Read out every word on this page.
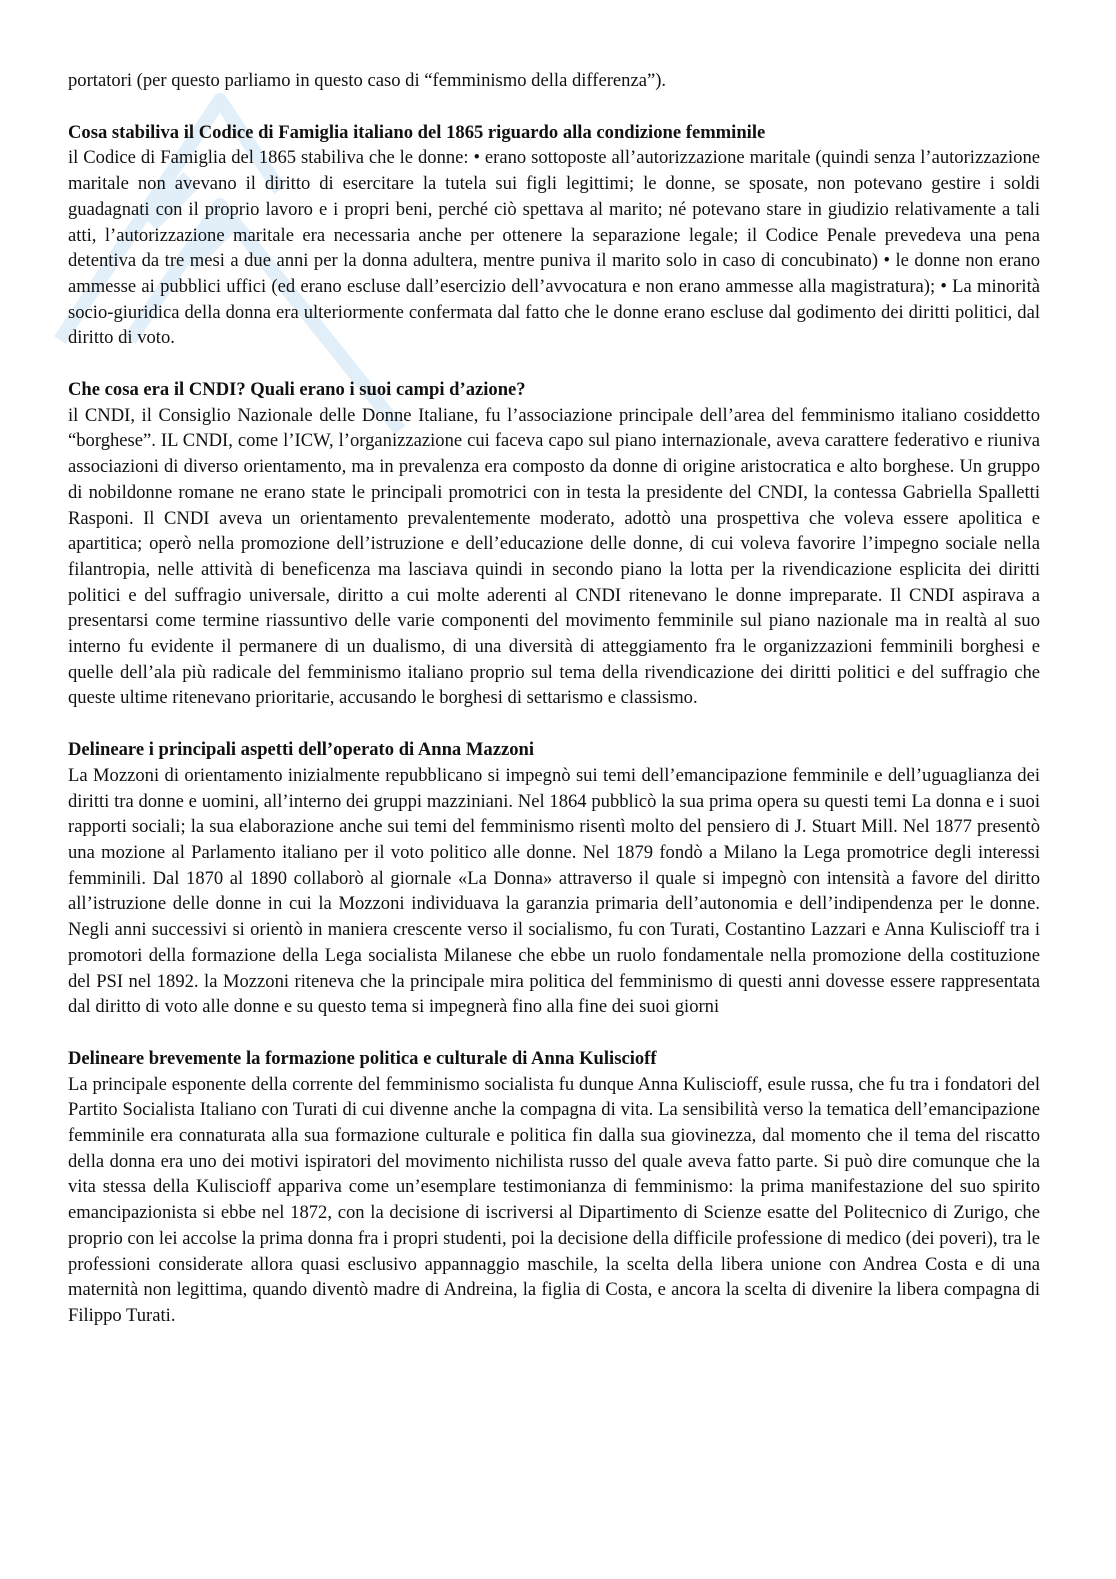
portatori (per questo parliamo in questo caso di “femminismo della differenza”).

Cosa stabiliva il Codice di Famiglia italiano del 1865 riguardo alla condizione femminile

il Codice di Famiglia del 1865 stabiliva che le donne: • erano sottoposte all’autorizzazione maritale (quindi senza l’autorizzazione maritale non avevano il diritto di esercitare la tutela sui figli legittimi; le donne, se sposate, non potevano gestire i soldi guadagnati con il proprio lavoro e i propri beni, perché ciò spettava al marito; né potevano stare in giudizio relativamente a tali atti, l’autorizzazione maritale era necessaria anche per ottenere la separazione legale; il Codice Penale prevedeva una pena detentiva da tre mesi a due anni per la donna adultera, mentre puniva il marito solo in caso di concubinato) • le donne non erano ammesse ai pubblici uffici (ed erano escluse dall’esercizio dell’avvocatura e non erano ammesse alla magistratura); • La minorità socio-giuridica della donna era ulteriormente confermata dal fatto che le donne erano escluse dal godimento dei diritti politici, dal diritto di voto.

Che cosa era il CNDI? Quali erano i suoi campi d’azione?

il CNDI, il Consiglio Nazionale delle Donne Italiane, fu l’associazione principale dell’area del femminismo italiano cosiddetto “borghese”. IL CNDI, come l’ICW, l’organizzazione cui faceva capo sul piano internazionale, aveva carattere federativo e riuniva associazioni di diverso orientamento, ma in prevalenza era composto da donne di origine aristocratica e alto borghese. Un gruppo di nobildonne romane ne erano state le principali promotrici con in testa la presidente del CNDI, la contessa Gabriella Spalletti Rasponi. Il CNDI aveva un orientamento prevalentemente moderato, adottò una prospettiva che voleva essere apolitica e apartitica; operò nella promozione dell’istruzione e dell’educazione delle donne, di cui voleva favorire l’impegno sociale nella filantropia, nelle attività di beneficenza ma lasciava quindi in secondo piano la lotta per la rivendicazione esplicita dei diritti politici e del suffragio universale, diritto a cui molte aderenti al CNDI ritenevano le donne impreparate. Il CNDI aspirava a presentarsi come termine riassuntivo delle varie componenti del movimento femminile sul piano nazionale ma in realtà al suo interno fu evidente il permanere di un dualismo, di una diversità di atteggiamento fra le organizzazioni femminili borghesi e quelle dell’ala più radicale del femminismo italiano proprio sul tema della rivendicazione dei diritti politici e del suffragio che queste ultime ritenevano prioritarie, accusando le borghesi di settarismo e classismo.

Delineare i principali aspetti dell’operato di Anna Mazzoni

La Mozzoni di orientamento inizialmente repubblicano si impegnò sui temi dell’emancipazione femminile e dell’uguaglianza dei diritti tra donne e uomini, all’interno dei gruppi mazziniani. Nel 1864 pubblicò la sua prima opera su questi temi La donna e i suoi rapporti sociali; la sua elaborazione anche sui temi del femminismo risentì molto del pensiero di J. Stuart Mill. Nel 1877 presentò una mozione al Parlamento italiano per il voto politico alle donne. Nel 1879 fondò a Milano la Lega promotrice degli interessi femminili. Dal 1870 al 1890 collaborò al giornale «La Donna» attraverso il quale si impegnò con intensità a favore del diritto all’istruzione delle donne in cui la Mozzoni individuava la garanzia primaria dell’autonomia e dell’indipendenza per le donne. Negli anni successivi si orientò in maniera crescente verso il socialismo, fu con Turati, Costantino Lazzari e Anna Kuliscioff tra i promotori della formazione della Lega socialista Milanese che ebbe un ruolo fondamentale nella promozione della costituzione del PSI nel 1892. la Mozzoni riteneva che la principale mira politica del femminismo di questi anni dovesse essere rappresentata dal diritto di voto alle donne e su questo tema si impegnerà fino alla fine dei suoi giorni

Delineare brevemente la formazione politica e culturale di Anna Kuliscioff

La principale esponente della corrente del femminismo socialista fu dunque Anna Kuliscioff, esule russa, che fu tra i fondatori del Partito Socialista Italiano con Turati di cui divenne anche la compagna di vita. La sensibilità verso la tematica dell’emancipazione femminile era connaturata alla sua formazione culturale e politica fin dalla sua giovinezza, dal momento che il tema del riscatto della donna era uno dei motivi ispiratori del movimento nichilista russo del quale aveva fatto parte. Si può dire comunque che la vita stessa della Kuliscioff appariva come un’esemplare testimonianza di femminismo: la prima manifestazione del suo spirito emancipazionista si ebbe nel 1872, con la decisione di iscriversi al Dipartimento di Scienze esatte del Politecnico di Zurigo, che proprio con lei accolse la prima donna fra i propri studenti, poi la decisione della difficile professione di medico (dei poveri), tra le professioni considerate allora quasi esclusivo appannaggio maschile, la scelta della libera unione con Andrea Costa e di una maternità non legittima, quando diventò madre di Andreina, la figlia di Costa, e ancora la scelta di divenire la libera compagna di Filippo Turati.
